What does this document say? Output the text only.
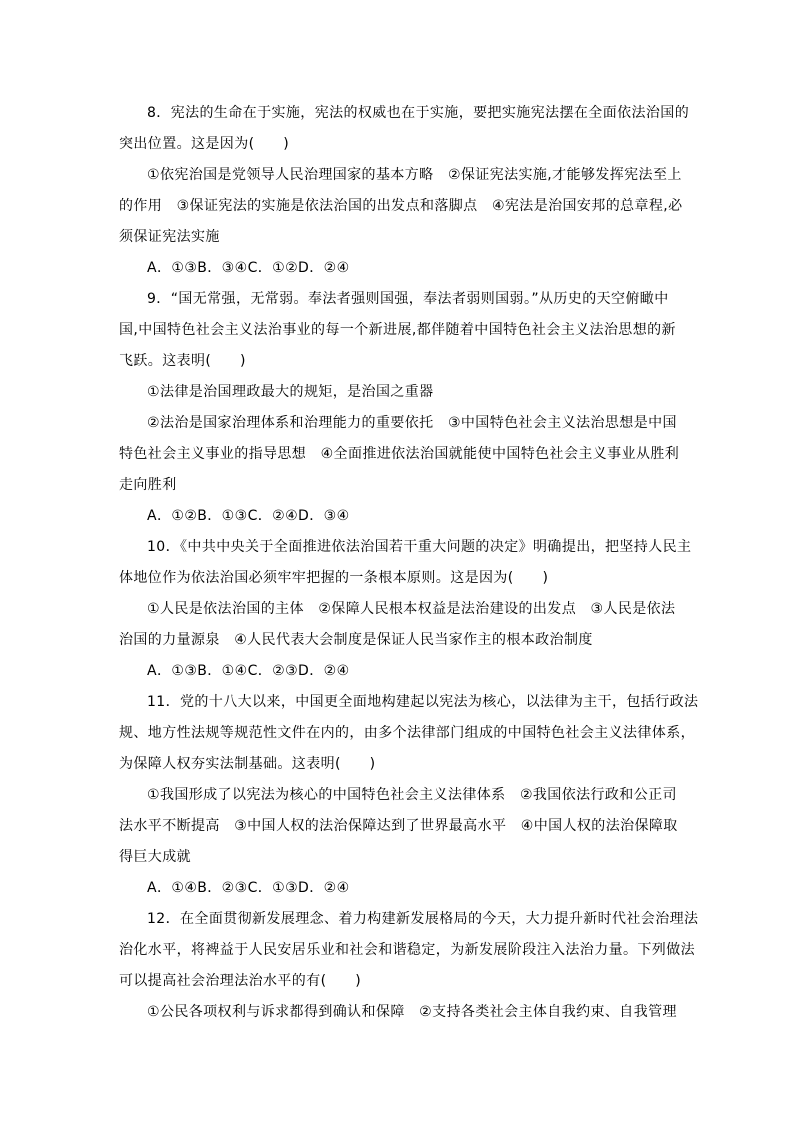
8．宪法的生命在于实施，宪法的权威也在于实施，要把实施宪法摆在全面依法治国的
突出位置。这是因为(　　)
①依宪治国是党领导人民治理国家的基本方略　②保证宪法实施,才能够发挥宪法至上
的作用　③保证宪法的实施是依法治国的出发点和落脚点　④宪法是治国安邦的总章程,必
须保证宪法实施
A．①③B．③④C．①②D．②④
9．“国无常强，无常弱。奉法者强则国强，奉法者弱则国弱。”从历史的天空俯瞰中
国,中国特色社会主义法治事业的每一个新进展,都伴随着中国特色社会主义法治思想的新
飞跃。这表明(　　)
①法律是治国理政最大的规矩，是治国之重器
②法治是国家治理体系和治理能力的重要依托　③中国特色社会主义法治思想是中国
特色社会主义事业的指导思想　④全面推进依法治国就能使中国特色社会主义事业从胜利
走向胜利
A．①②B．①③C．②④D．③④
10．《中共中央关于全面推进依法治国若干重大问题的决定》明确提出，把坚持人民主
体地位作为依法治国必须牢牢把握的一条根本原则。这是因为(　　)
①人民是依法治国的主体　②保障人民根本权益是法治建设的出发点　③人民是依法
治国的力量源泉　④人民代表大会制度是保证人民当家作主的根本政治制度
A．①③B．①④C．②③D．②④
11．党的十八大以来，中国更全面地构建起以宪法为核心，以法律为主干，包括行政法
规、地方性法规等规范性文件在内的，由多个法律部门组成的中国特色社会主义法律体系，
为保障人权夯实法制基础。这表明(　　)
①我国形成了以宪法为核心的中国特色社会主义法律体系　②我国依法行政和公正司
法水平不断提高　③中国人权的法治保障达到了世界最高水平　④中国人权的法治保障取
得巨大成就
A．①④B．②③C．①③D．②④
12．在全面贯彻新发展理念、着力构建新发展格局的今天，大力提升新时代社会治理法
治化水平，将裨益于人民安居乐业和社会和谐稳定，为新发展阶段注入法治力量。下列做法
可以提高社会治理法治水平的有(　　)
①公民各项权利与诉求都得到确认和保障　②支持各类社会主体自我约束、自我管理
